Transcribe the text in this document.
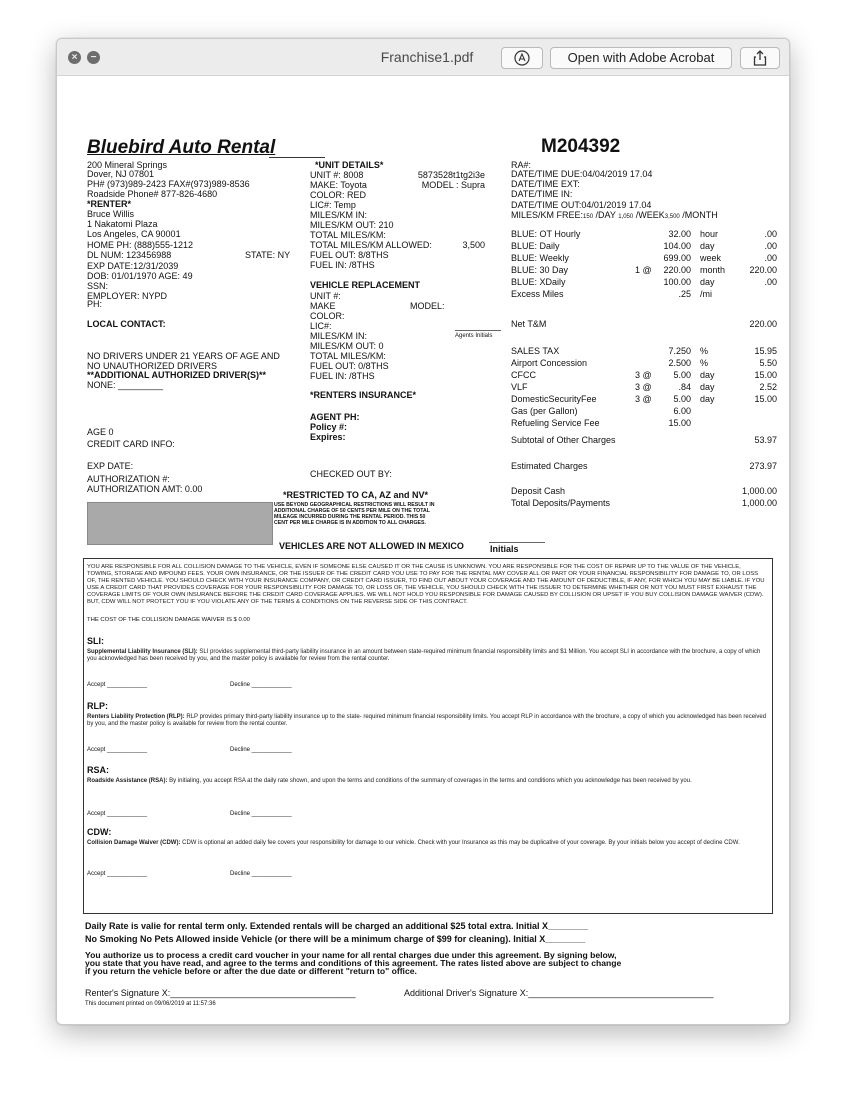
×	−	Franchise1.pdf	Open with Adobe Acrobat
Bluebird Auto Rental	M204392
200 Mineral Springs
Dover, NJ 07801
PH# (973)989-2423 FAX#(973)989-8536
Roadside Phone# 877-826-4680
*RENTER*
Bruce Willis
1 Nakatomi Plaza
Los Angeles, CA 90001
HOME PH: (888)555-1212
DL NUM: 123456988	STATE: NY
EXP DATE:12/31/2039
DOB: 01/01/1970 AGE: 49
SSN:
EMPLOYER: NYPD
PH:
LOCAL CONTACT:
NO DRIVERS UNDER 21 YEARS OF AGE AND
NO UNAUTHORIZED DRIVERS
**ADDITIONAL AUTHORIZED DRIVER(S)**
NONE: _________
AGE 0
CREDIT CARD INFO:
EXP DATE:
AUTHORIZATION #:
AUTHORIZATION AMT: 0.00
*UNIT DETAILS*
VEHICLE REPLACEMENT
Agents Initials
*RENTERS INSURANCE*
AGENT PH:
Policy #:
Expires:
CHECKED OUT BY:
*RESTRICTED TO CA, AZ and NV*
USE BEYOND GEOGRAPHICAL RESTRICTIONS WILL RESULT IN
ADDITIONAL CHARGE OF 50 CENTS PER MILE ON THE TOTAL
MILEAGE INCURRED DURING THE RENTAL PERIOD. THIS 50
CENT PER MILE CHARGE IS IN ADDITION TO ALL CHARGES.
VEHICLES ARE NOT ALLOWED IN MEXICO	Initials
RA#:
DATE/TIME DUE:04/04/2019 17.04
DATE/TIME EXT:
DATE/TIME IN:
DATE/TIME OUT:04/01/2019 17.04
MILES/KM FREE:150 /DAY 1,050 /WEEK3,500 /MONTH
Net T&M	220.00
Subtotal of Other Charges	53.97
Estimated Charges	273.97
Deposit Cash	1,000.00
Total Deposits/Payments	1,000.00
YOU ARE RESPONSIBLE FOR ALL COLLISION DAMAGE TO THE VEHICLE, EVEN IF SOMEONE ELSE CAUSED IT OR THE CAUSE IS UNKNOWN. YOU ARE RESPONSIBLE FOR THE COST OF REPAIR UP TO THE VALUE OF THE VEHICLE, TOWING, STORAGE AND IMPOUND FEES. YOUR OWN INSURANCE, OR THE ISSUER OF THE CREDIT CARD YOU USE TO PAY FOR THE RENTAL MAY COVER ALL OR PART OR YOUR FINANCIAL RESPONSIBILITY FOR DAMAGE TO, OR LOSS OF, THE RENTED VEHICLE. YOU SHOULD CHECK WITH YOUR INSURANCE COMPANY, OR CREDIT CARD ISSUER, TO FIND OUT ABOUT YOUR COVERAGE AND THE AMOUNT OF DEDUCTIBLE, IF ANY, FOR WHICH YOU MAY BE LIABLE. IF YOU USE A CREDIT CARD THAT PROVIDES COVERAGE FOR YOUR RESPONSIBILITY FOR DAMAGE TO, OR LOSS OF, THE VEHICLE, YOU SHOULD CHECK WITH THE ISSUER TO DETERMINE WHETHER OR NOT YOU MUST FIRST EXHAUST THE COVERAGE LIMITS OF YOUR OWN INSURANCE BEFORE THE CREDIT CARD COVERAGE APPLIES. WE WILL NOT HOLD YOU RESPONSIBLE FOR DAMAGE CAUSED BY COLLISION OR UPSET IF YOU BUY COLLISION DAMAGE WAIVER (CDW). BUT, CDW WILL NOT PROTECT YOU IF YOU VIOLATE ANY OF THE TERMS & CONDITIONS ON THE REVERSE SIDE OF THIS CONTRACT.
THE COST OF THE COLLISION DAMAGE WAIVER IS $ 0.00
SLI:
Supplemental Liability Insurance (SLI): SLI provides supplemental third-party liability insurance in an amount between state-required minimum financial responsibility limits and $1 Million. You accept SLI in accordance with the brochure, a copy of which you acknowledged has been received by you, and the master policy is available for review from the rental counter.
Accept ____________	Decline ____________
RLP:
Renters Liability Protection (RLP): RLP provides primary third-party liability insurance up to the state- required minimum financial responsibility limits. You accept RLP in accordance with the brochure, a copy of which you acknowledged has been received by you, and the master policy is available for review from the rental counter.
Accept ____________	Decline ____________
RSA:
Roadside Assistance (RSA): By initialing, you accept RSA at the daily rate shown, and upon the terms and conditions of the summary of coverages in the terms and conditions which you acknowledge has been received by you.
Accept ____________	Decline ____________
CDW:
Collision Damage Waiver (CDW): CDW is optional an added daily fee covers your responsibility for damage to our vehicle. Check with your Insurance as this may be duplicative of your coverage. By your initials below you accept of decline CDW.
Accept ____________	Decline ____________
Daily Rate is valie for rental term only. Extended rentals will be charged an additional $25 total extra. Initial X________
No Smoking No Pets Allowed inside Vehicle (or there will be a minimum charge of $99 for cleaning). Initial X________
You authorize us to process a credit card voucher in your name for all rental charges due under this agreement. By signing below,
you state that you have read, and agree to the terms and conditions of this agreement. The rates listed above are subject to change
if you return the vehicle before or after the due date or different "return to" office.
Renter's Signature X:_____________________________________	Additional Driver's Signature X:_____________________________________
This document printed on 09/06/2019 at 11:57:36
UNIT #: 8008	5873528t1tg2i3e
MAKE: Toyota	MODEL : Supra
COLOR: RED
LIC#: Temp
MILES/KM IN:
MILES/KM OUT: 210
TOTAL MILES/KM:
TOTAL MILES/KM ALLOWED:	3,500
FUEL OUT: 8/8THS
FUEL IN: /8THS
UNIT #:
MAKE	MODEL:
COLOR:
LIC#:
MILES/KM IN:
MILES/KM OUT: 0
TOTAL MILES/KM:
FUEL OUT: 0/8THS
FUEL IN: /8THS
BLUE: OT Hourly	32.00 hour	.00
BLUE: Daily	104.00 day	.00
BLUE: Weekly	699.00 week	.00
BLUE: 30 Day	1 @	220.00 month	220.00
BLUE: XDaily	100.00 day	.00
Excess Miles	.25 /mi
SALES TAX	7.250 %	15.95
Airport Concession	2.500 %	5.50
CFCC	3 @	5.00 day	15.00
VLF	3 @	.84 day	2.52
DomesticSecurityFee	3 @	5.00 day	15.00
Gas (per Gallon)	6.00
Refueling Service Fee	15.00
